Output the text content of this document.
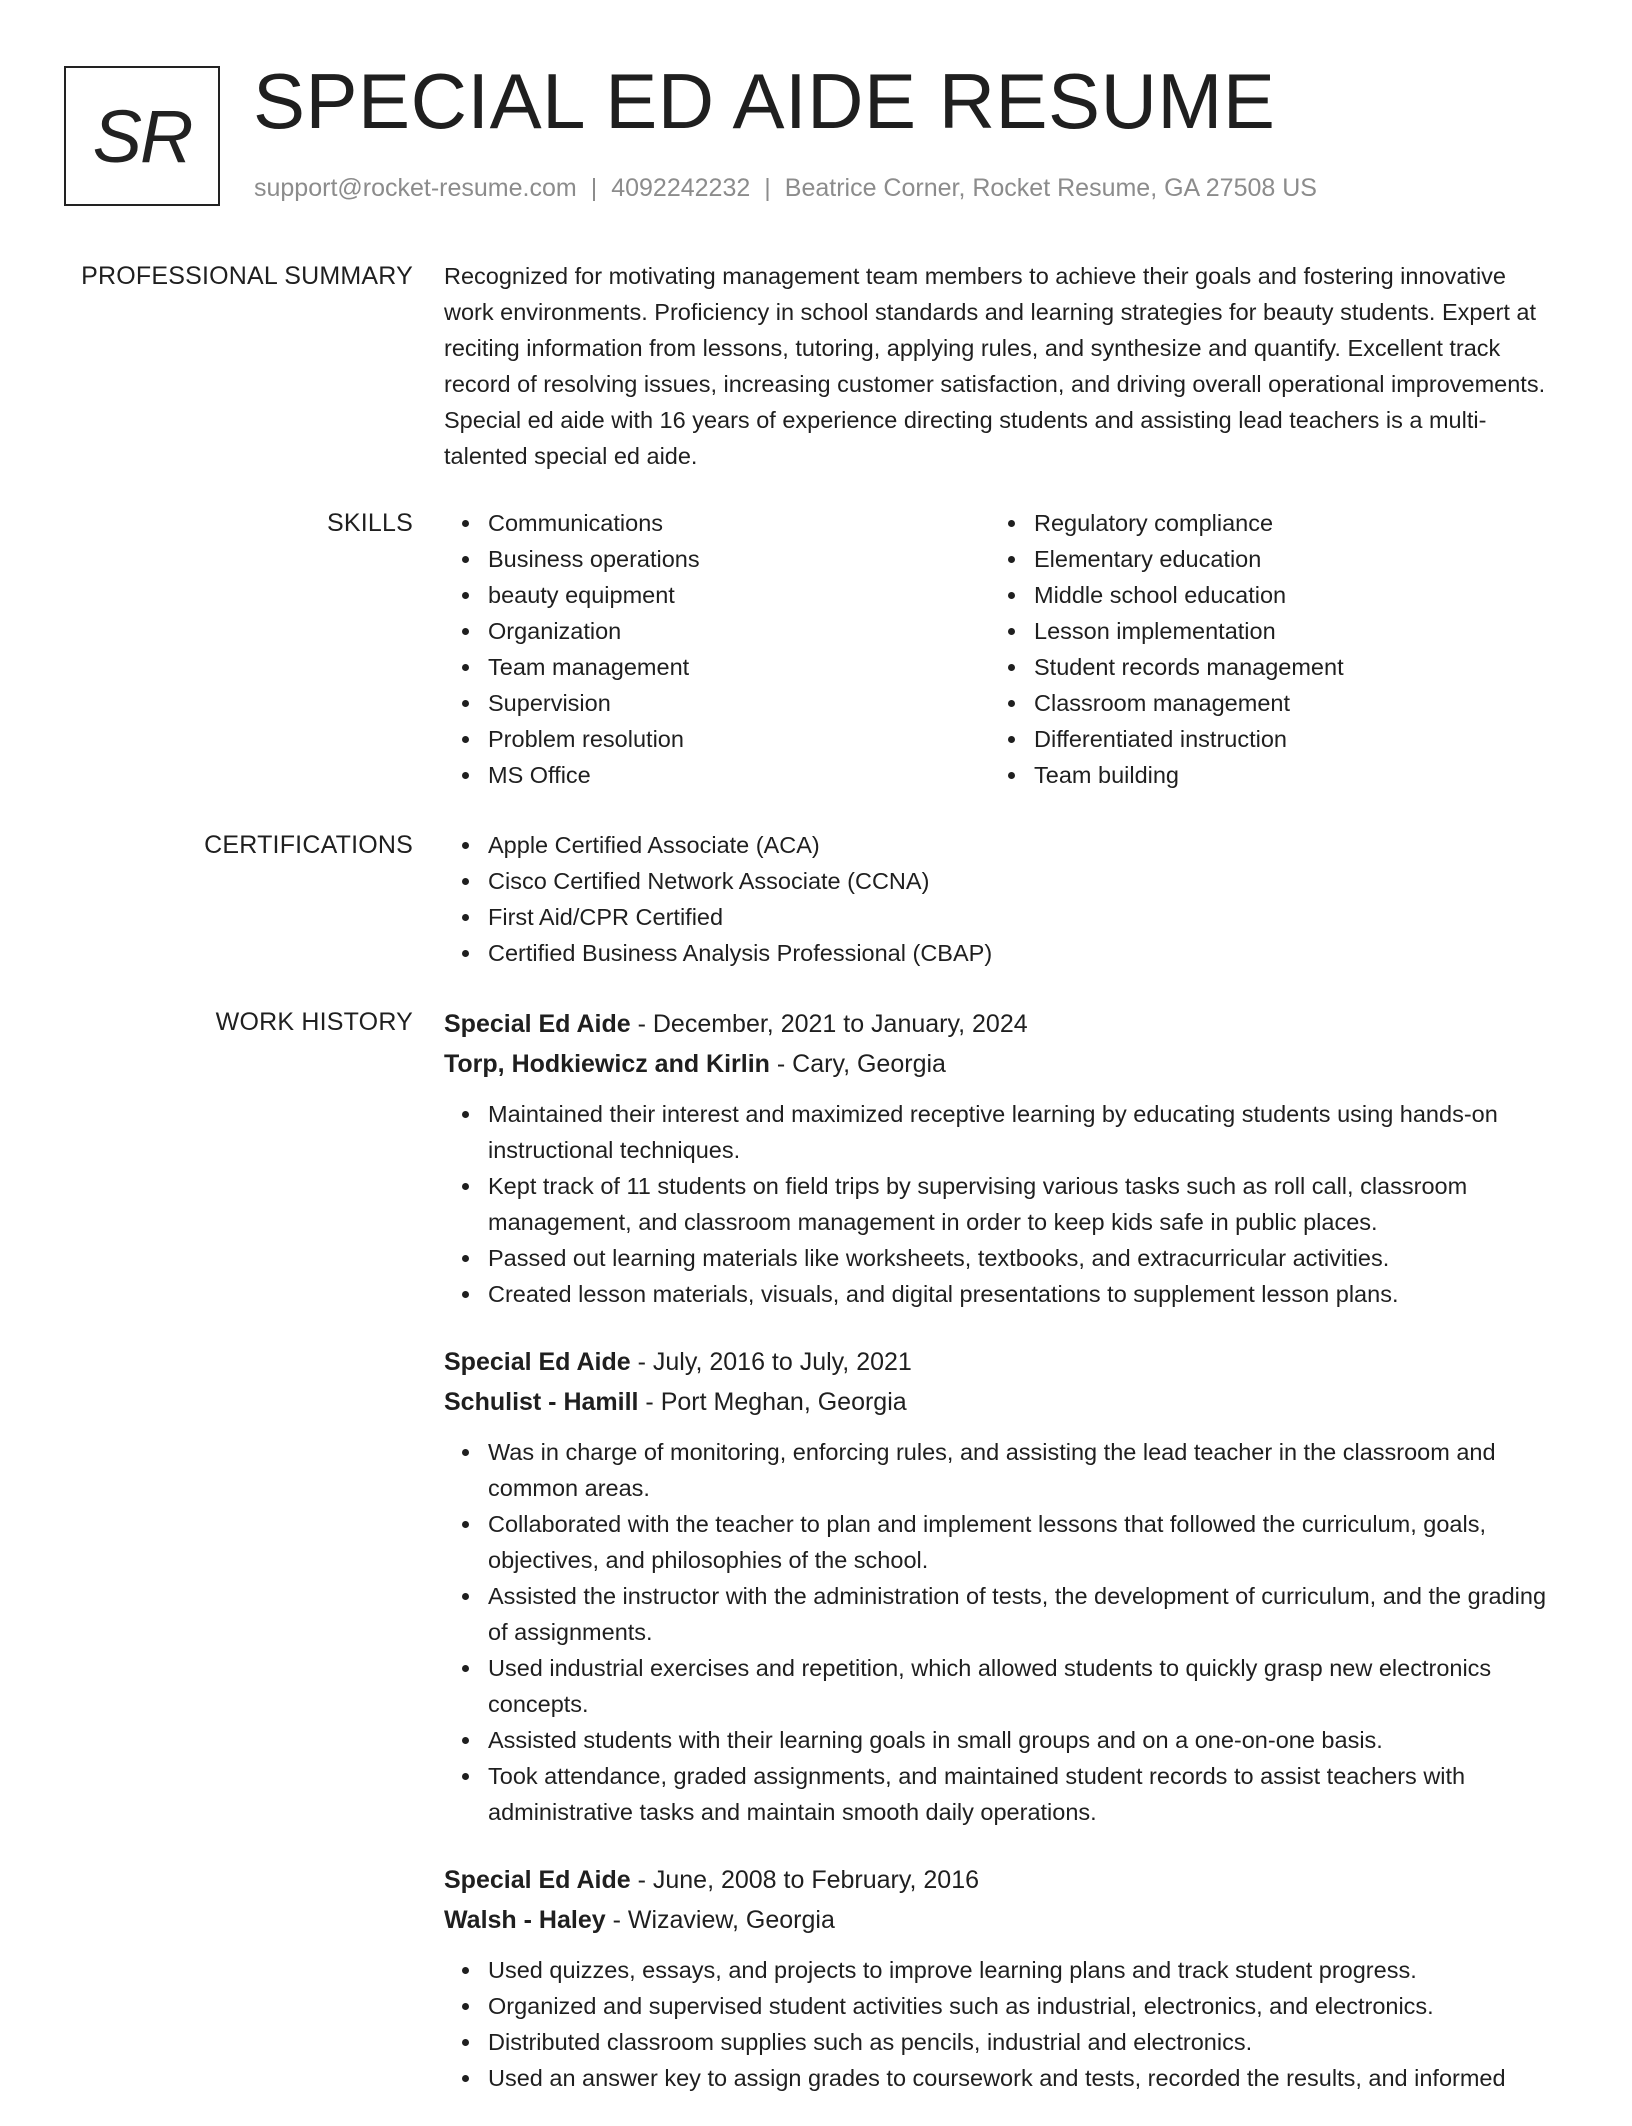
SR SPECIAL ED AIDE RESUME
support@rocket-resume.com | 4092242232 | Beatrice Corner, Rocket Resume, GA 27508 US
PROFESSIONAL SUMMARY Recognized for motivating management team members to achieve their goals and fostering innovative work environments. Proficiency in school standards and learning strategies for beauty students. Expert at reciting information from lessons, tutoring, applying rules, and synthesize and quantify. Excellent track record of resolving issues, increasing customer satisfaction, and driving overall operational improvements. Special ed aide with 16 years of experience directing students and assisting lead teachers is a multi-talented special ed aide.

SKILLS	Communications
Business operations
beauty equipment
Organization
Team management
Supervision
Problem resolution
MS Office
Regulatory compliance
Elementary education
Middle school education
Lesson implementation
Student records management
Classroom management
Differentiated instruction
Team building
CERTIFICATIONS	Apple Certified Associate (ACA)
Cisco Certified Network Associate (CCNA)
First Aid/CPR Certified
Certified Business Analysis Professional (CBAP)
WORK HISTORY Special Ed Aide - December, 2021 to January, 2024
Torp, Hodkiewicz and Kirlin - Cary, Georgia
Maintained their interest and maximized receptive learning by educating students using hands-on instructional techniques.
Kept track of 11 students on field trips by supervising various tasks such as roll call, classroom management, and classroom management in order to keep kids safe in public places.
Passed out learning materials like worksheets, textbooks, and extracurricular activities.
Created lesson materials, visuals, and digital presentations to supplement lesson plans.
Special Ed Aide - July, 2016 to July, 2021
Schulist - Hamill - Port Meghan, Georgia
Was in charge of monitoring, enforcing rules, and assisting the lead teacher in the classroom and common areas.
Collaborated with the teacher to plan and implement lessons that followed the curriculum, goals, objectives, and philosophies of the school.
Assisted the instructor with the administration of tests, the development of curriculum, and the grading of assignments.
Used industrial exercises and repetition, which allowed students to quickly grasp new electronics concepts.
Assisted students with their learning goals in small groups and on a one-on-one basis.
Took attendance, graded assignments, and maintained student records to assist teachers with administrative tasks and maintain smooth daily operations.
Special Ed Aide - June, 2008 to February, 2016
Walsh - Haley - Wizaview, Georgia
Used quizzes, essays, and projects to improve learning plans and track student progress.
Organized and supervised student activities such as industrial, electronics, and electronics.
Distributed classroom supplies such as pencils, industrial and electronics.
Used an answer key to assign grades to coursework and tests, recorded the results, and informed
